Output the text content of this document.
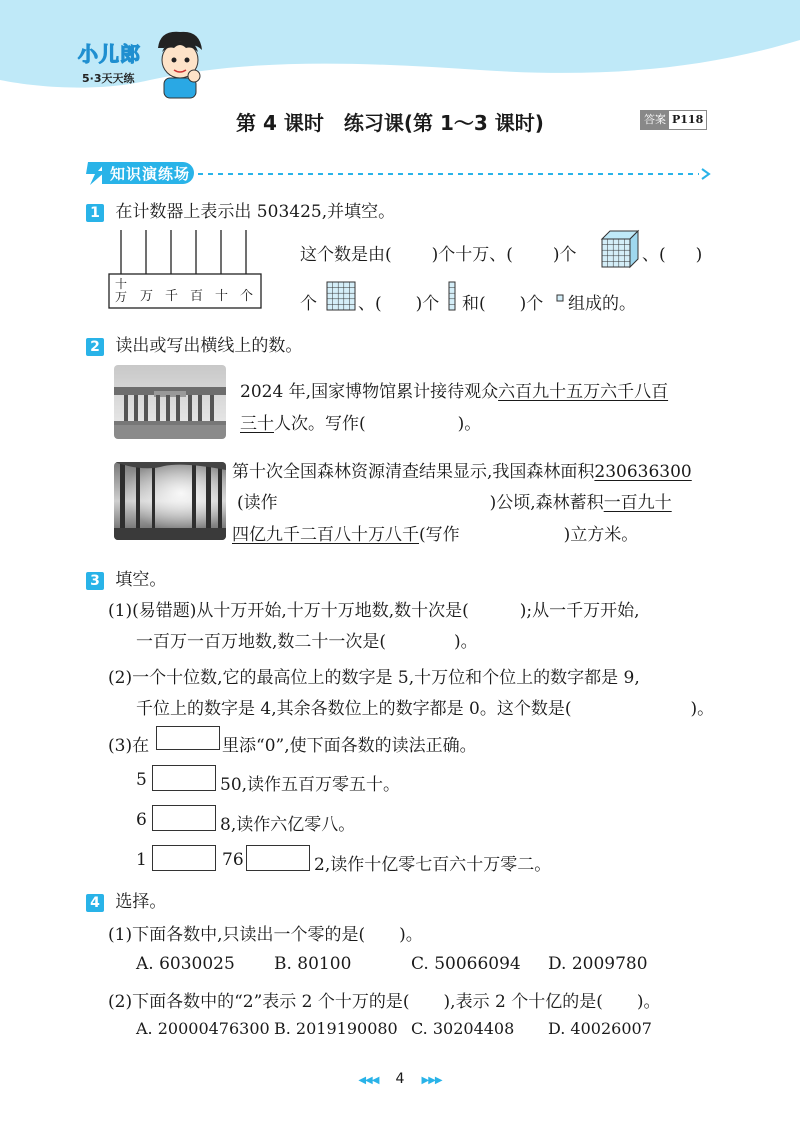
小儿郎
5·3天天练
第 4 课时　练习课(第 1～3 课时)	答案 P118
知识演练场
1 在计数器上表示出 503425,并填空。
十
万 万 千 百 十 个
这个数是由( )个十万、( )个	、( )
个 、( )个 和( )个 组成的。
2 读出或写出横线上的数。
2024 年,国家博物馆累计接待观众六百九十五万六千八百
三十人次。写作(	)。
第十次全国森林资源清查结果显示,我国森林面积230636300
(读作	)公顷,森林蓄积一百九十
四亿九千二百八十万八千(写作	)立方米。
3 填空。
(1)(易错题)从十万开始,十万十万地数,数十次是(　　　);从一千万开始,
一百万一百万地数,数二十一次是(　　　　)。
(2)一个十位数,它的最高位上的数字是 5,十万位和个位上的数字都是 9,
千位上的数字是 4,其余各数位上的数字都是 0。这个数是(　　　　　　　)。
(3)在	里添“0”,使下面各数的读法正确。
5	50,读作五百万零五十。
6	8,读作六亿零八。
1	76	2,读作十亿零七百六十万零二。
4 选择。
(1)下面各数中,只读出一个零的是(　　)。
A. 6030025 B. 80100	C. 50066094 D. 2009780
(2)下面各数中的“2”表示 2 个十万的是(　　),表示 2 个十亿的是(　　)。
A. 20000476300 B. 2019190080 C. 30204408 D. 40026007
◀◀◀ 4 ▶▶▶
